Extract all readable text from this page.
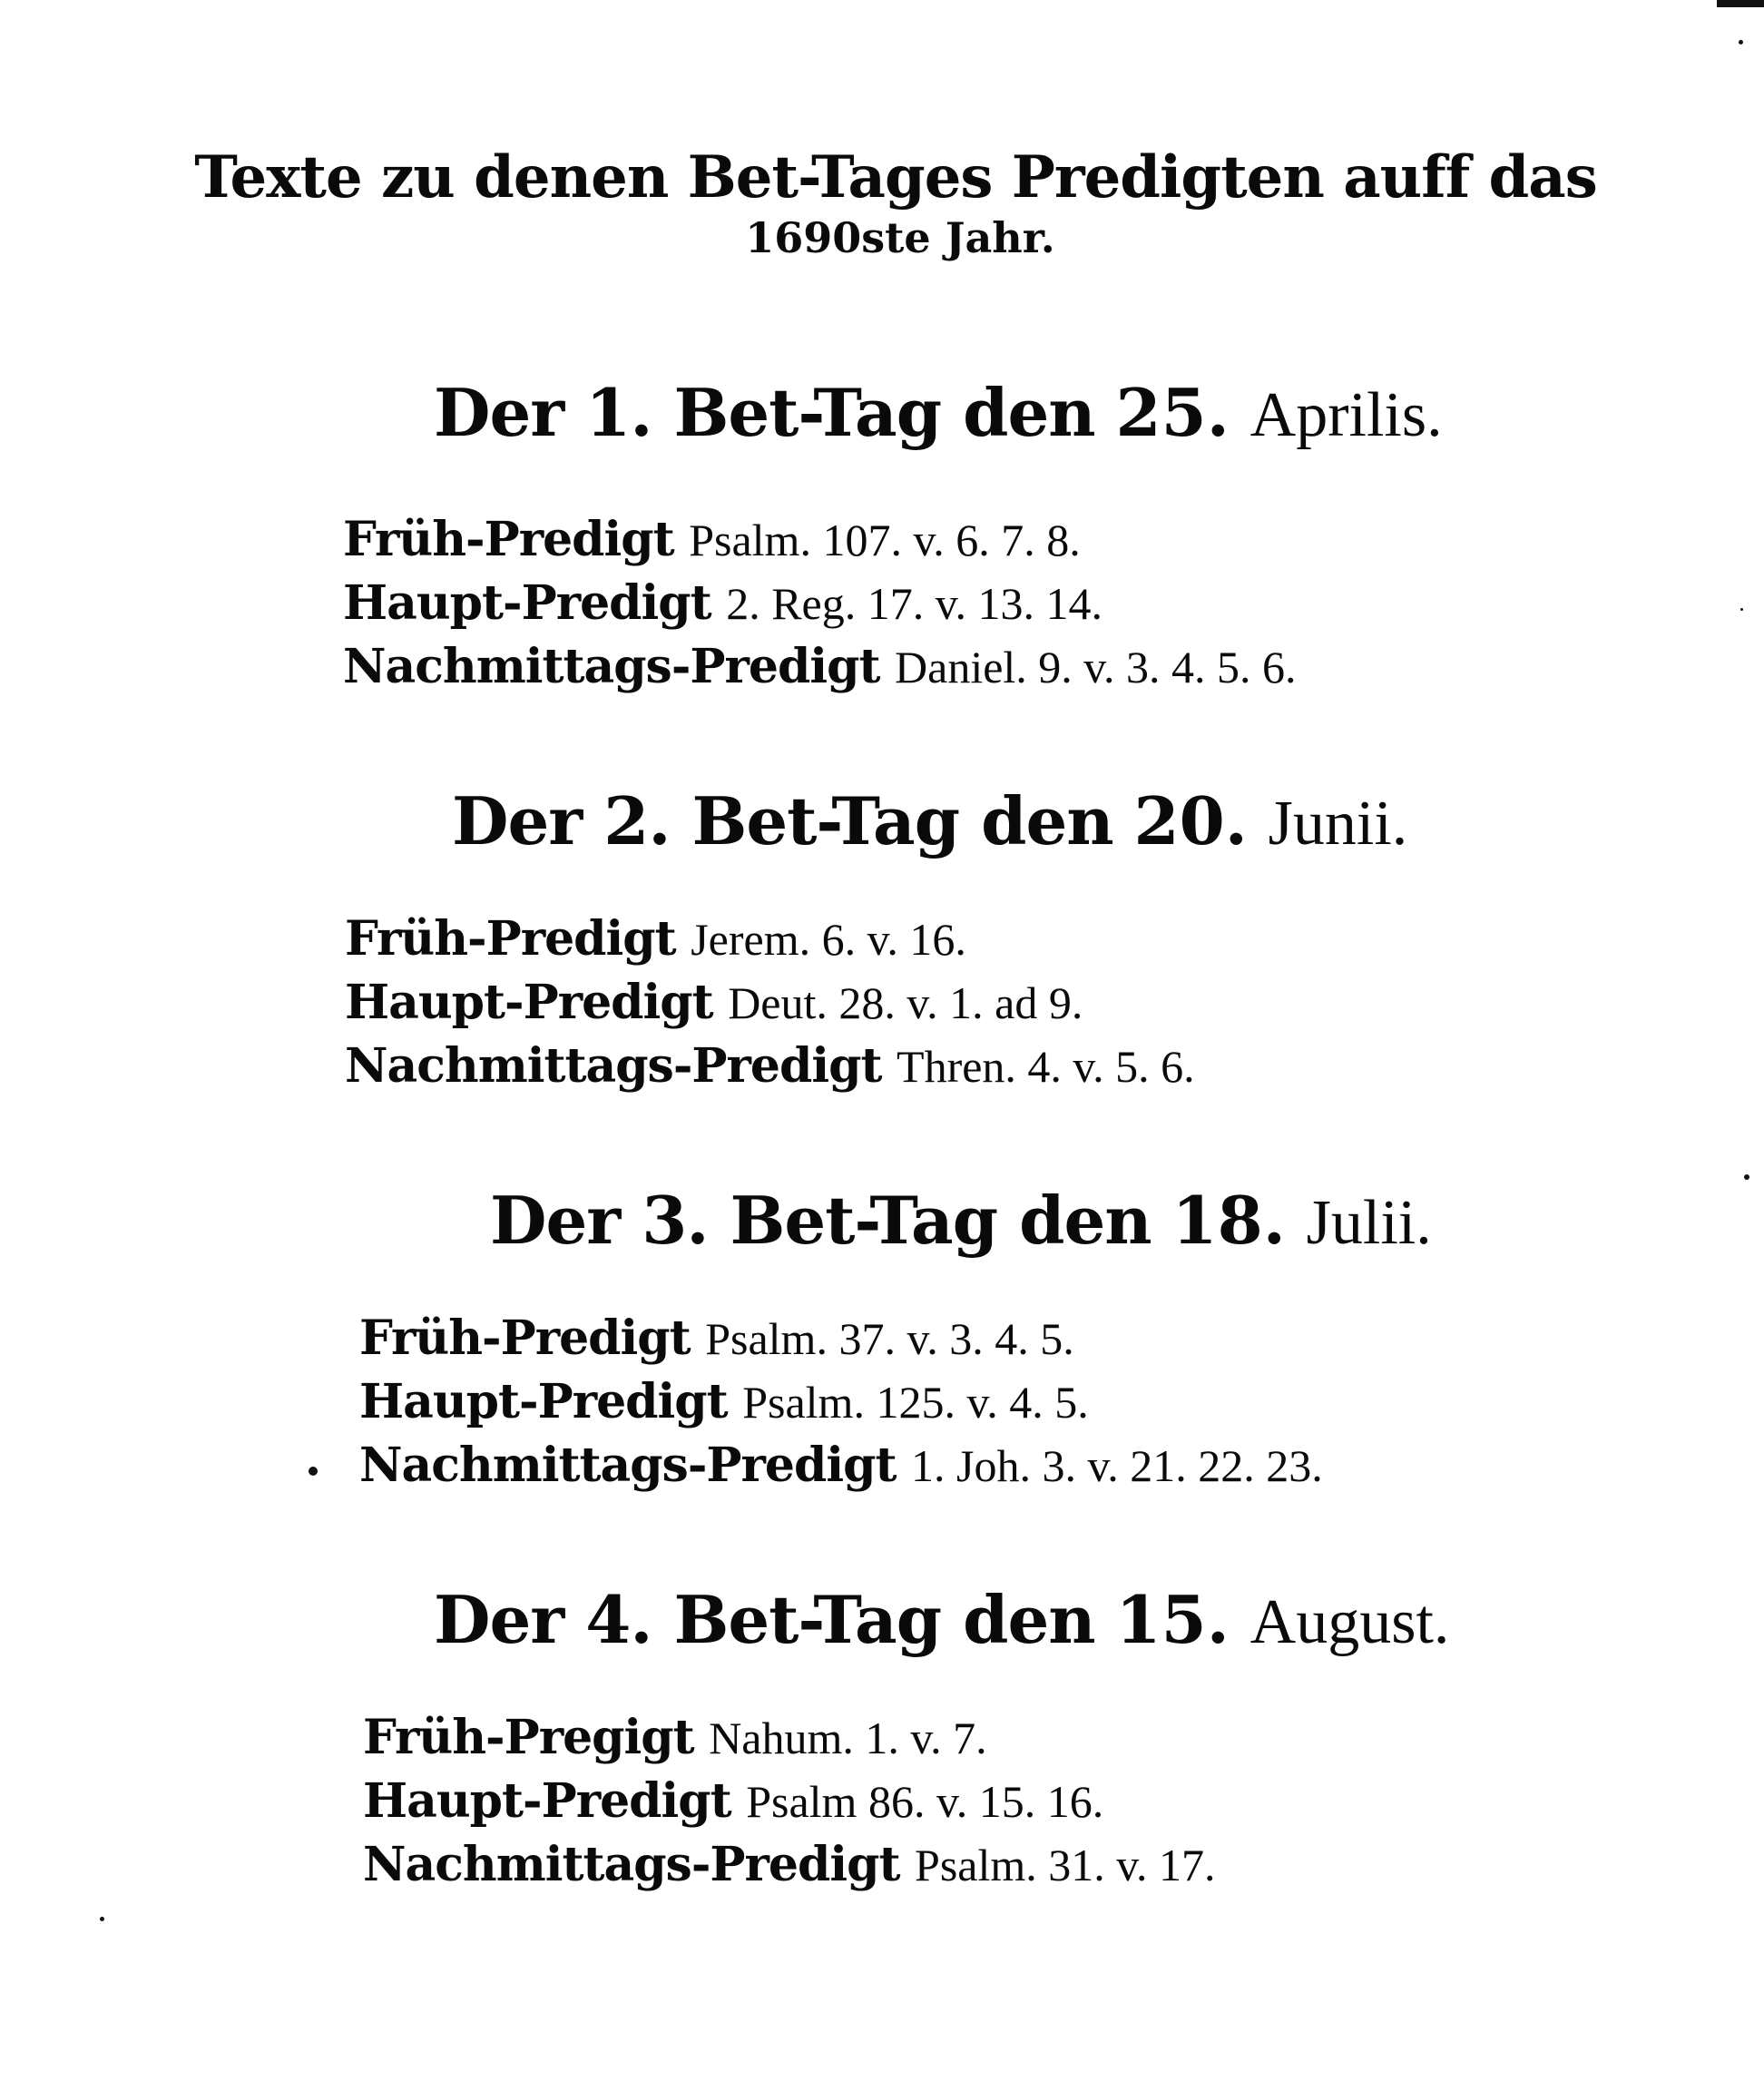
Texte zu denen Bet-Tages Predigten auff das
1690ste Jahr.
Der 1. Bet-Tag den 25. Aprilis.
Früh-Predigt Psalm. 107. v. 6. 7. 8.
Haupt-Predigt 2. Reg. 17. v. 13. 14.
Nachmittags-Predigt Daniel. 9. v. 3. 4. 5. 6.
Der 2. Bet-Tag den 20. Junii.
Früh-Predigt Jerem. 6. v. 16.
Haupt-Predigt Deut. 28. v. 1. ad 9.
Nachmittags-Predigt Thren. 4. v. 5. 6.
Der 3. Bet-Tag den 18. Julii.
Früh-Predigt Psalm. 37. v. 3. 4. 5.
Haupt-Predigt Psalm. 125. v. 4. 5.
Nachmittags-Predigt 1. Joh. 3. v. 21. 22. 23.
Der 4. Bet-Tag den 15. August.
Früh-Pregigt Nahum. 1. v. 7.
Haupt-Predigt Psalm 86. v. 15. 16.
Nachmittags-Predigt Psalm. 31. v. 17.
